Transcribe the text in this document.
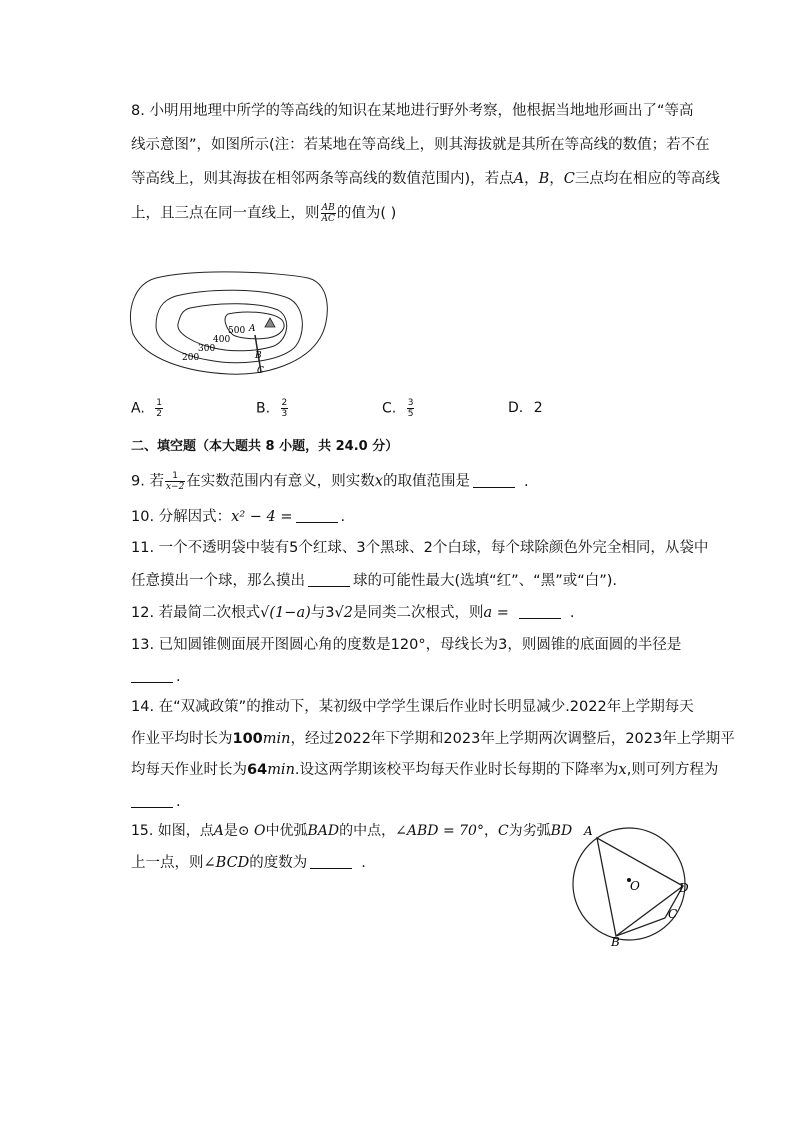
8. 小明用地理中所学的等高线的知识在某地进行野外考察，他根据当地地形画出了“等高
线示意图”，如图所示(注：若某地在等高线上，则其海拔就是其所在等高线的数值；若不在
等高线上，则其海拔在相邻两条等高线的数值范围内)，若点A，B，C三点均在相应的等高线
上，且三点在同一直线上，则 $\frac{AB}{AC}$ 的值为( )
500
400
300
200
A
B
C
A. $\frac{1}{2}$	B. $\frac{2}{3}$	C. $\frac{3}{5}$	D. 2
二、填空题（本大题共 8 小题，共 24.0 分）
9. 若 $\frac{1}{x-2}$ 在实数范围内有意义，则实数x的取值范围是	.
10. 分解因式：x² − 4 =	.
11. 一个不透明袋中装有5个红球、3个黑球、2个白球，每个球除颜色外完全相同，从袋中
任意摸出一个球，那么摸出	球的可能性最大(选填“红”、“黑”或“白”).
12. 若最简二次根式√(1−a)与3√2是同类二次根式，则a =	.
13. 已知圆锥侧面展开图圆心角的度数是120°，母线长为3，则圆锥的底面圆的半径是
.
14. 在“双减政策”的推动下，某初级中学学生课后作业时长明显减少.2022年上学期每天
作业平均时长为100min，经过2022年下学期和2023年上学期两次调整后，2023年上学期平
均每天作业时长为64min.设这两学期该校平均每天作业时长每期的下降率为x,则可列方程为
.
15. 如图，点A是⊙ O中优弧BAD的中点，∠ABD = 70°，C为劣弧BD
上一点，则∠BCD的度数为	.
A
O	D
C
B
